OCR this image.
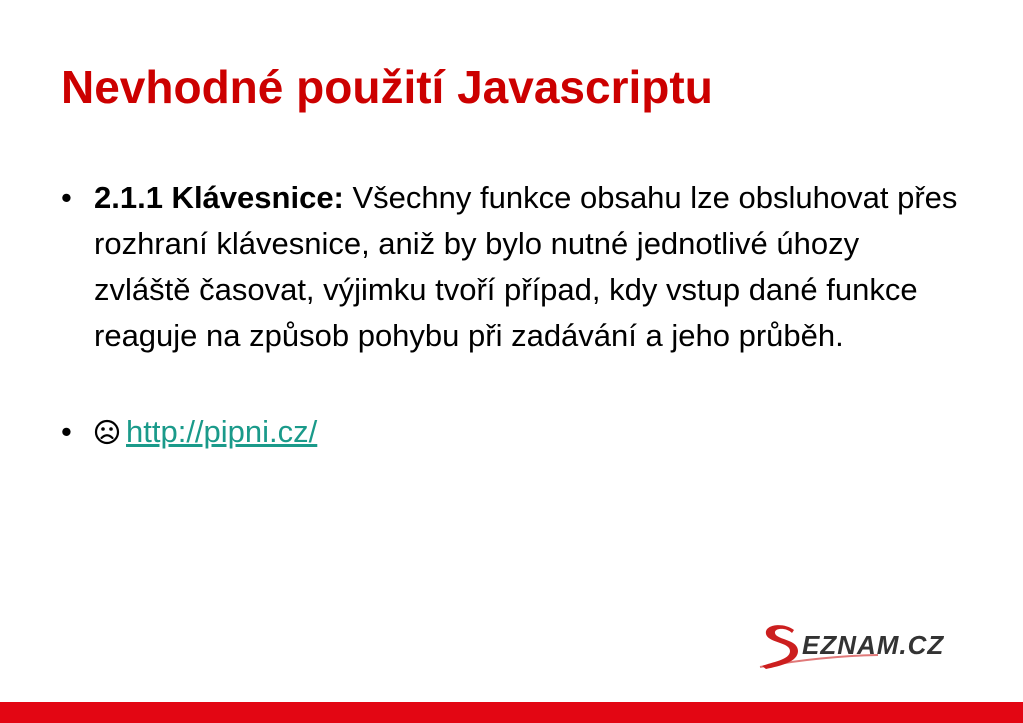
Nevhodné použití Javascriptu
• 2.1.1 Klávesnice: Všechny funkce obsahu lze obsluhovat přes rozhraní klávesnice, aniž by bylo nutné jednotlivé úhozy zvláště časovat, výjimku tvoří případ, kdy vstup dané funkce reaguje na způsob pohybu při zadávání a jeho průběh.
• http://pipni.cz/
EZNAM.CZ
